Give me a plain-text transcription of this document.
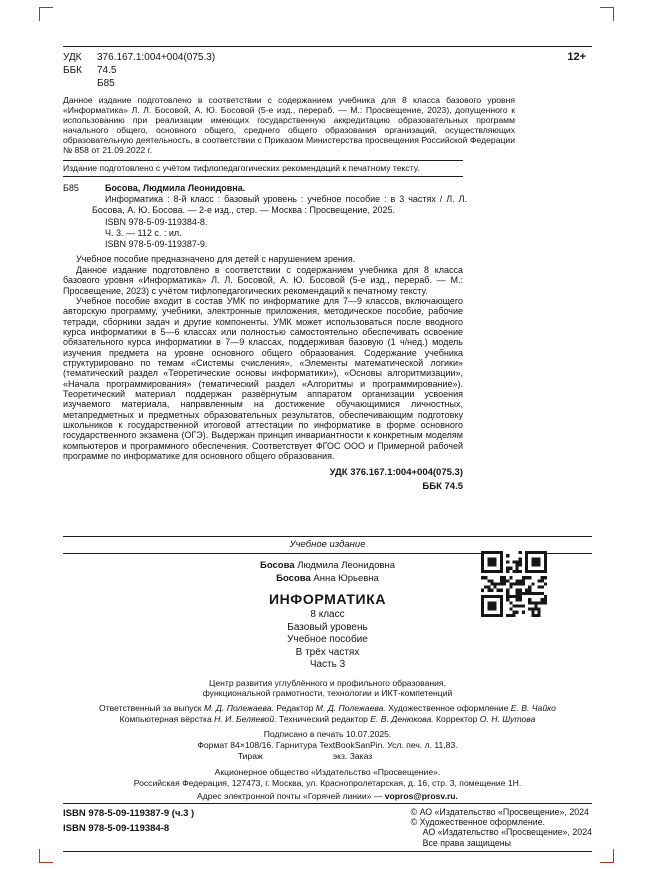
УДК 376.167.1:004+004(075.3)
ББК 74.5
Б85
12+

Данное издание подготовлено в соответствии с содержанием учебника для 8 класса базового уровня «Информатика» Л. Л. Босовой, А. Ю. Босовой (5-е изд., перераб. — М.: Просвещение, 2023), допущенного к использованию при реализации имеющих государственную аккредитацию образовательных программ начального общего, основного общего, среднего общего образования организаций, осуществляющих образовательную деятельность, в соответствии с Приказом Министерства просвещения Российской Федерации № 858 от 21.09.2022 г.

Издание подготовлено с учётом тифлопедагогических рекомендаций к печатному тексту.

Б85	Босова, Людмила Леонидовна.

Информатика : 8-й класс : базовый уровень : учебное пособие : в 3 частях / Л. Л. Босова, А. Ю. Босова. — 2-е изд., стер. — Москва : Просвещение, 2025.

ISBN 978-5-09-119384-8.
Ч. 3. — 112 с. : ил.
ISBN 978-5-09-119387-9.

Учебное пособие предназначено для детей с нарушением зрения.

Данное издание подготовлено в соответствии с содержанием учебника для 8 класса базового уровня «Информатика» Л. Л. Босовой, А. Ю. Босовой (5-е изд., перераб. — М.: Просвещение, 2023) с учётом тифлопедагогических рекомендаций к печатному тексту.

Учебное пособие входит в состав УМК по информатике для 7—9 классов, включающего авторскую программу, учебники, электронные приложения, методическое пособие, рабочие тетради, сборники задач и другие компоненты. УМК может использоваться после вводного курса информатики в 5—6 классах или полностью самостоятельно обеспечивать освоение обязательного курса информатики в 7—9 классах, поддерживая базовую (1 ч/нед.) модель изучения предмета на уровне основного общего образования. Содержание учебника структурировано по темам «Системы счисления», «Элементы математической логики» (тематический раздел «Теоретические основы информатики»), «Основы алгоритмизации», «Начала программирования» (тематический раздел «Алгоритмы и программирование»). Теоретический материал поддержан развёрнутым аппаратом организации усвоения изучаемого материала, направленным на достижение обучающимися личностных, метапредметных и предметных образовательных результатов, обеспечивающим подготовку школьников к государственной итоговой аттестации по информатике в форме основного государственного экзамена (ОГЭ). Выдержан принцип инвариантности к конкретным моделям компьютеров и программного обеспечения. Соответствует ФГОС ООО и Примерной рабочей программе по информатике для основного общего образования.

УДК 376.167.1:004+004(075.3)
ББК 74.5
Учебное издание
Босова Людмила Леонидовна
Босова Анна Юрьевна
ИНФОРМАТИКА
8 класс
Базовый уровень
Учебное пособие
В трёх частях
Часть 3
Центр развития углублённого и профильного образования,
функциональной грамотности, технологии и ИКТ-компетенций
Ответственный за выпуск М. Д. Полежаева. Редактор М. Д. Полежаева. Художественное оформление Е. В. Чайко
Компьютерная вёрстка Н. И. Беляевой. Технический редактор Е. В. Денюкова. Корректор О. Н. Шутова
Подписано в печать 10.07.2025.
Формат 84×108/16. Гарнитура TextBookSanPin. Усл. печ. л. 11,83.
Тираж	экз. Заказ
Акционерное общество «Издательство «Просвещение».
Российская Федерация, 127473, г. Москва, ул. Краснопролетарская, д. 16, стр. 3, помещение 1Н.
Адрес электронной почты «Горячей линии» — vopros@prosv.ru.
ISBN 978-5-09-119387-9 (ч.3 )
ISBN 978-5-09-119384-8
© АО «Издательство «Просвещение», 2024
© Художественное оформление.
АО «Издательство «Просвещение», 2024
Все права защищены
